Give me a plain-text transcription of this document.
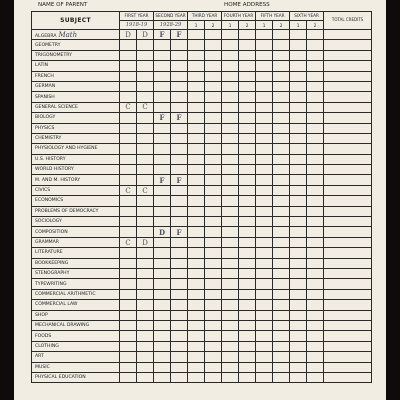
NAME OF PARENT	HOME ADDRESS
SUBJECT	FIRST YEAR		SECOND YEAR		THIRD YEAR		FOURTH YEAR		FIFTH YEAR		SIXTH YEAR		TOTAL CREDITS
	1918-19		1928-29		1	2	1	2	1	2	1	2	
ALGEBRA Math	D	D	F	F									
GEOMETRY													
TRIGONOMETRY													
LATIN													
FRENCH													
GERMAN													
SPANISH													
GENERAL SCIENCE	C	C											
BIOLOGY			F	F									
PHYSICS													
CHEMISTRY													
PHYSIOLOGY AND HYGIENE													
U.S. HISTORY													
WORLD HISTORY													
M. AND M. HISTORY			F	F									
CIVICS	C	C											
ECONOMICS													
PROBLEMS OF DEMOCRACY													
SOCIOLOGY													
COMPOSITION			D	F									
GRAMMAR	C	D											
LITERATURE													
BOOKKEEPING													
STENOGRAPHY													
TYPEWRITING													
COMMERCIAL ARITHMETIC													
COMMERCIAL LAW													
SHOP													
MECHANICAL DRAWING													
FOODS													
CLOTHING													
ART													
MUSIC													
PHYSICAL EDUCATION													
